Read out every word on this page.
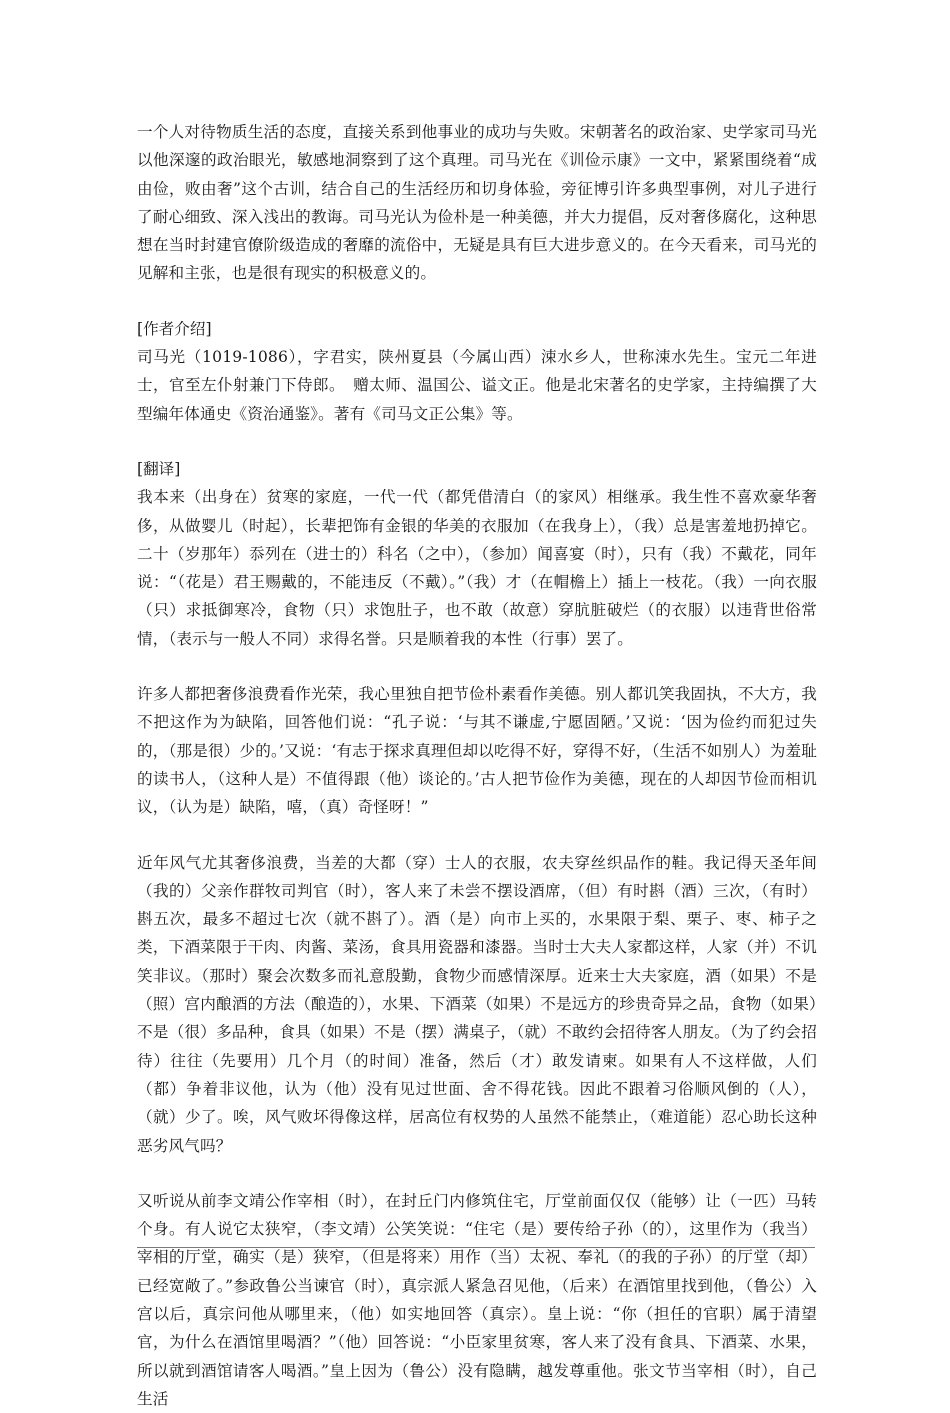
一个人对待物质生活的态度，直接关系到他事业的成功与失败。宋朝著名的政治家、史学家司马光以他深邃的政治眼光，敏感地洞察到了这个真理。司马光在《训俭示康》一文中，紧紧围绕着“成由俭，败由奢”这个古训，结合自己的生活经历和切身体验，旁征博引许多典型事例，对儿子进行了耐心细致、深入浅出的教诲。司马光认为俭朴是一种美德，并大力提倡，反对奢侈腐化，这种思想在当时封建官僚阶级造成的奢靡的流俗中，无疑是具有巨大进步意义的。在今天看来，司马光的见解和主张，也是很有现实的积极意义的。

[作者介绍]

司马光（1019-1086），字君实，陕州夏县（今属山西）涑水乡人，世称涑水先生。宝元二年进士，官至左仆射兼门下侍郎。　赠太师、温国公、谥文正。他是北宋著名的史学家，主持编撰了大型编年体通史《资治通鉴》。著有《司马文正公集》等。

[翻译]

我本来（出身在）贫寒的家庭，一代一代（都凭借清白（的家风）相继承。我生性不喜欢豪华奢侈，从做婴儿（时起），长辈把饰有金银的华美的衣服加（在我身上），（我）总是害羞地扔掉它。二十（岁那年）忝列在（进士的）科名（之中），（参加）闻喜宴（时），只有（我）不戴花，同年说：“（花是）君王赐戴的，不能违反（不戴）。”（我）才（在帽檐上）插上一枝花。（我）一向衣服（只）求抵御寒冷，食物（只）求饱肚子，也不敢（故意）穿肮脏破烂（的衣服）以违背世俗常情，（表示与一般人不同）求得名誉。只是顺着我的本性（行事）罢了。

许多人都把奢侈浪费看作光荣，我心里独自把节俭朴素看作美德。别人都讥笑我固执，不大方，我不把这作为为缺陷，回答他们说：“孔子说：‘与其不谦虚,宁愿固陋。’又说：‘因为俭约而犯过失的，（那是很）少的。’又说：‘有志于探求真理但却以吃得不好，穿得不好，（生活不如别人）为羞耻的读书人，（这种人是）不值得跟（他）谈论的。’古人把节俭作为美德，现在的人却因节俭而相讥议，（认为是）缺陷，嘻，（真）奇怪呀！”

近年风气尤其奢侈浪费，当差的大都（穿）士人的衣服，农夫穿丝织品作的鞋。我记得天圣年间（我的）父亲作群牧司判官（时），客人来了未尝不摆设酒席，（但）有时斟（酒）三次，（有时）斟五次，最多不超过七次（就不斟了）。酒（是）向市上买的，水果限于梨、栗子、枣、柿子之类，下酒菜限于干肉、肉酱、菜汤，食具用瓷器和漆器。当时士大夫人家都这样，人家（并）不讥笑非议。（那时）聚会次数多而礼意殷勤，食物少而感情深厚。近来士大夫家庭，酒（如果）不是（照）宫内酿酒的方法（酿造的），水果、下酒菜（如果）不是远方的珍贵奇异之品，食物（如果）不是（很）多品种，食具（如果）不是（摆）满桌子，（就）不敢约会招待客人朋友。（为了约会招待）往往（先要用）几个月（的时间）准备，然后（才）敢发请柬。如果有人不这样做，人们（都）争着非议他，认为（他）没有见过世面、舍不得花钱。因此不跟着习俗顺风倒的（人），（就）少了。唉，风气败坏得像这样，居高位有权势的人虽然不能禁止，（难道能）忍心助长这种恶劣风气吗？

又听说从前李文靖公作宰相（时），在封丘门内修筑住宅，厅堂前面仅仅（能够）让（一匹）马转个身。有人说它太狭窄，（李文靖）公笑笑说：“住宅（是）要传给子孙（的），这里作为（我当）宰相的厅堂，确实（是）狭窄，（但是将来）用作（当）太祝、奉礼（的我的子孙）的厅堂（却）已经宽敞了。”参政鲁公当谏官（时），真宗派人紧急召见他，（后来）在酒馆里找到他，（鲁公）入宫以后，真宗问他从哪里来，（他）如实地回答（真宗）。皇上说：“你（担任的官职）属于清望官，为什么在酒馆里喝酒？”（他）回答说：“小臣家里贫寒，客人来了没有食具、下酒菜、水果，所以就到酒馆请客人喝酒。”皇上因为（鲁公）没有隐瞒，越发尊重他。张文节当宰相（时），自己生活
